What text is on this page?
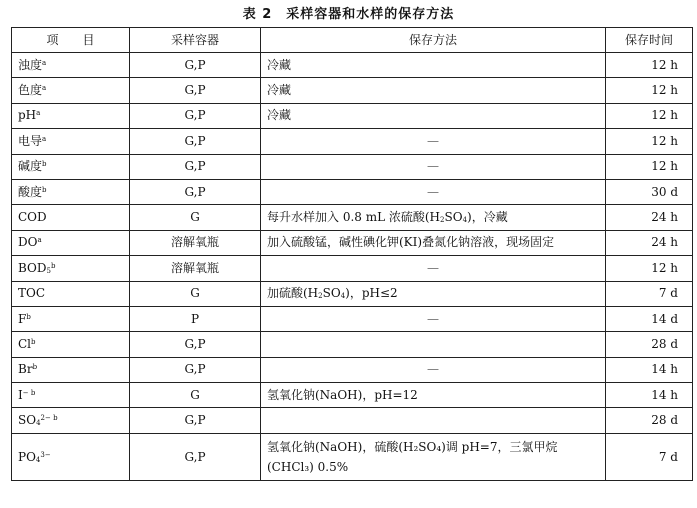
表 2　采样容器和水样的保存方法
项　　目	采样容器	保存方法	保存时间
浊度$^a$	G,P	冷藏	12 h
色度$^a$	G,P	冷藏	12 h
$pH^a$	G,P	冷藏	12 h
电导$^a$	G,P	—	12 h
碱度$^b$	G,P	—	12 h
酸度$^b$	G,P	—	30 d
COD	G	每升水样加入 0.8 mL 浓硫酸$(H_2SO_4)$，冷藏	24 h
$DO^a$	溶解氧瓶	加入硫酸锰，碱性碘化钾(KI)叠氮化钠溶液，现场固定	24 h
$BOD_5^b$	溶解氧瓶	—	12 h
TOC	G	加硫酸$(H_2SO_4)$，pH≤2	7 d
$F^b$	P	—	14 d
Cl$^b$	G,P		28 d
Br$^b$	G,P	—	14 h
$I^{- b}$	G	氢氧化钠(NaOH)，pH=12	14 h
$SO_4^{2- b}$	G,P		28 d
$PO_4^{3-}$	G,P	氢氧化钠(NaOH)，硫酸(H₂SO₄)调 pH=7，三氯甲烷
(CHCl₃) 0.5%	7 d
